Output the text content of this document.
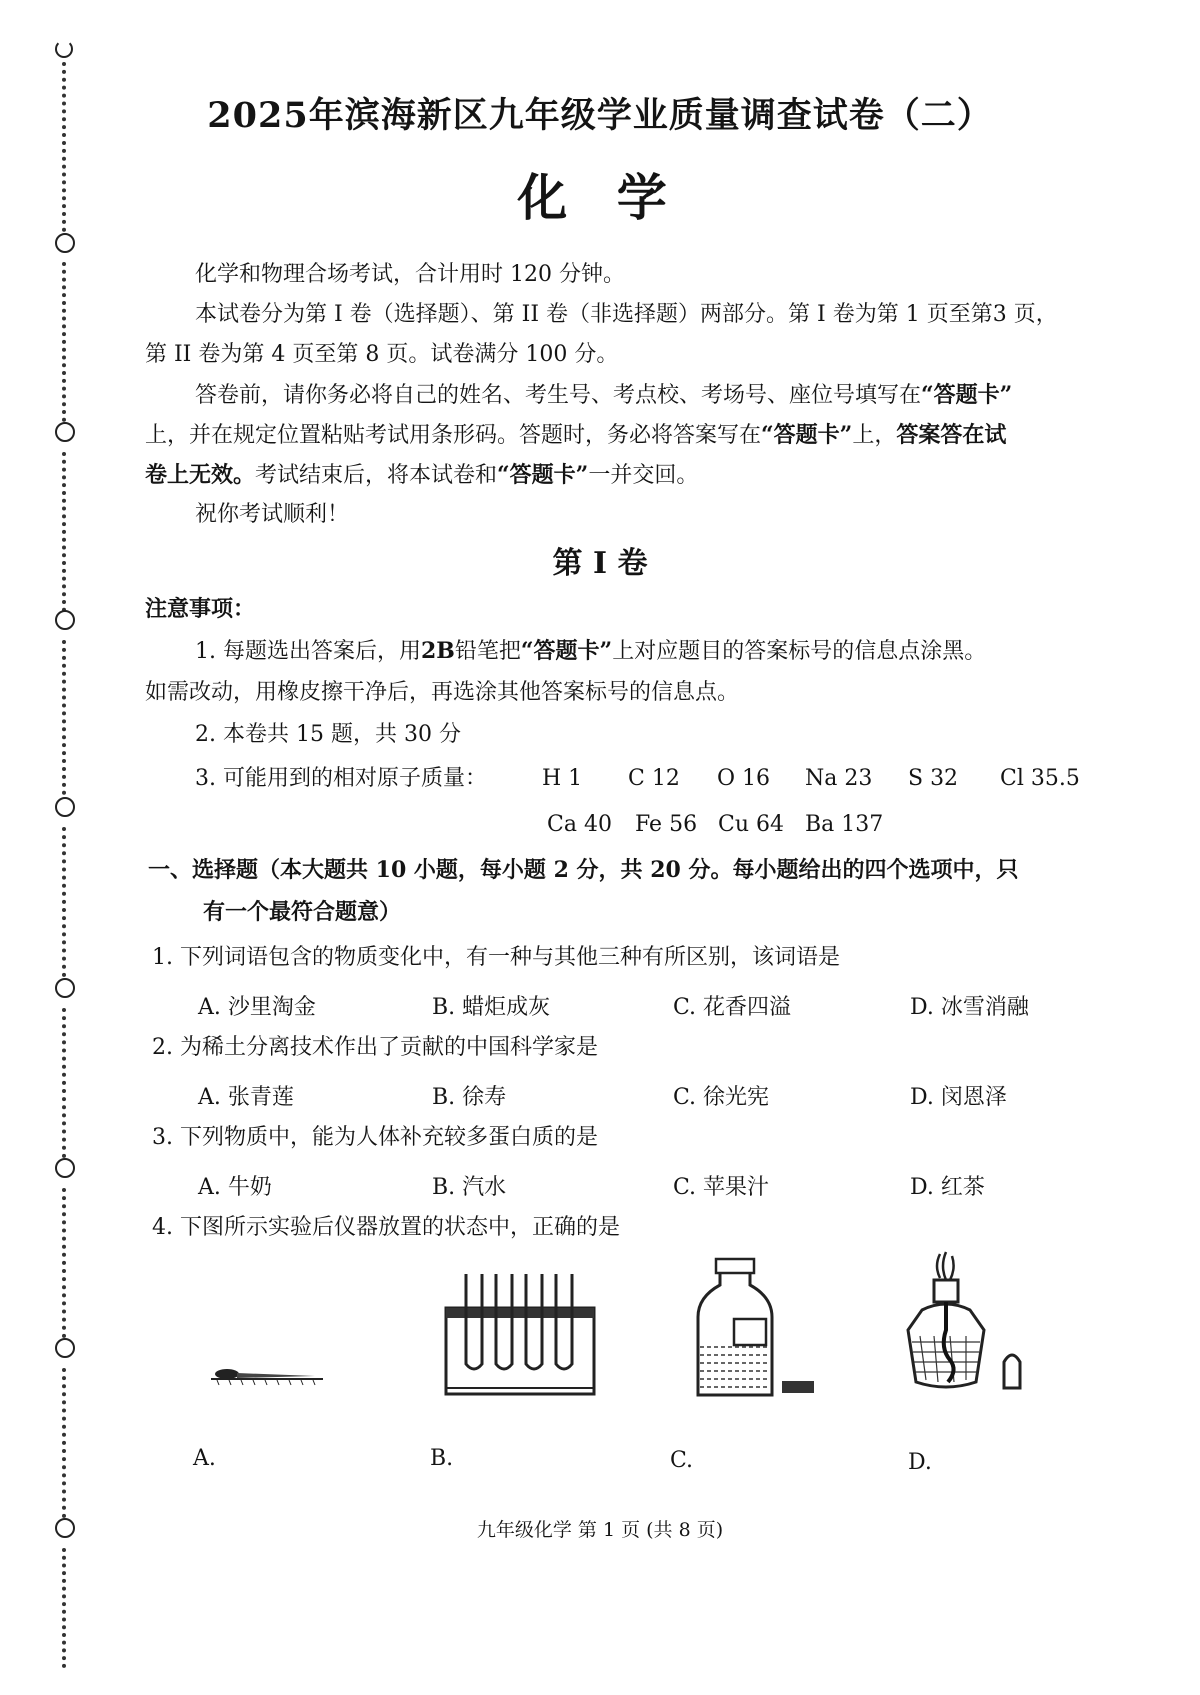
2025年滨海新区九年级学业质量调查试卷（二）
化 学
化学和物理合场考试，合计用时 120 分钟。
本试卷分为第 I 卷（选择题）、第 II 卷（非选择题）两部分。第 I 卷为第 1 页至第3 页，
第 II 卷为第 4 页至第 8 页。试卷满分 100 分。
答卷前，请你务必将自己的姓名、考生号、考点校、考场号、座位号填写在“答题卡”
上，并在规定位置粘贴考试用条形码。答题时，务必将答案写在“答题卡”上，答案答在试
卷上无效。考试结束后，将本试卷和“答题卡”一并交回。
祝你考试顺利！
第 I 卷
注意事项：
1. 每题选出答案后，用2B铅笔把“答题卡”上对应题目的答案标号的信息点涂黑。
如需改动，用橡皮擦干净后，再选涂其他答案标号的信息点。
2. 本卷共 15 题，共 30 分
3. 可能用到的相对原子质量：	H 1 C 12 O 16 Na 23 S 32 Cl 35.5
Ca 40 Fe 56 Cu 64 Ba 137
一、选择题（本大题共 10 小题，每小题 2 分，共 20 分。每小题给出的四个选项中，只
有一个最符合题意）
1. 下列词语包含的物质变化中，有一种与其他三种有所区别，该词语是
A. 沙里淘金	B. 蜡炬成灰	C. 花香四溢	D. 冰雪消融
2. 为稀土分离技术作出了贡献的中国科学家是
A. 张青莲	B. 徐寿	C. 徐光宪	D. 闵恩泽
3. 下列物质中，能为人体补充较多蛋白质的是
A. 牛奶	B. 汽水	C. 苹果汁	D. 红茶
4. 下图所示实验后仪器放置的状态中，正确的是
A.	B.	C.	D.
九年级化学 第 1 页 (共 8 页)
